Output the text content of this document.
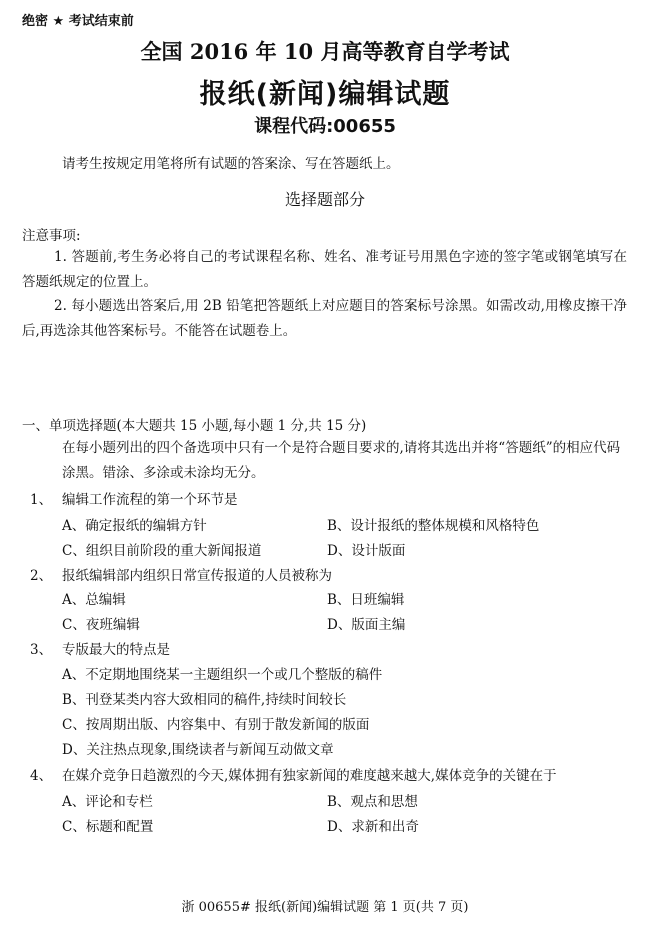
绝密 ★ 考试结束前
全国 2016 年 10 月高等教育自学考试
报纸(新闻)编辑试题
课程代码:00655
请考生按规定用笔将所有试题的答案涂、写在答题纸上。
选择题部分
注意事项:
1. 答题前,考生务必将自己的考试课程名称、姓名、准考证号用黑色字迹的签字笔或钢笔填写在答题纸规定的位置上。
2. 每小题选出答案后,用 2B 铅笔把答题纸上对应题目的答案标号涂黑。如需改动,用橡皮擦干净后,再选涂其他答案标号。不能答在试题卷上。
一、单项选择题(本大题共 15 小题,每小题 1 分,共 15 分)
在每小题列出的四个备选项中只有一个是符合题目要求的,请将其选出并将“答题纸”的相应代码涂黑。错涂、多涂或未涂均无分。
1、 编辑工作流程的第一个环节是
A、确定报纸的编辑方针	B、设计报纸的整体规模和风格特色
C、组织目前阶段的重大新闻报道	D、设计版面
2、 报纸编辑部内组织日常宣传报道的人员被称为
A、总编辑	B、日班编辑
C、夜班编辑	D、版面主编
3、 专版最大的特点是
A、不定期地围绕某一主题组织一个或几个整版的稿件
B、刊登某类内容大致相同的稿件,持续时间较长
C、按周期出版、内容集中、有别于散发新闻的版面
D、关注热点现象,围绕读者与新闻互动做文章
4、 在媒介竞争日趋激烈的今天,媒体拥有独家新闻的难度越来越大,媒体竞争的关键在于
A、评论和专栏	B、观点和思想
C、标题和配置	D、求新和出奇
浙 00655# 报纸(新闻)编辑试题 第 1 页(共 7 页)
